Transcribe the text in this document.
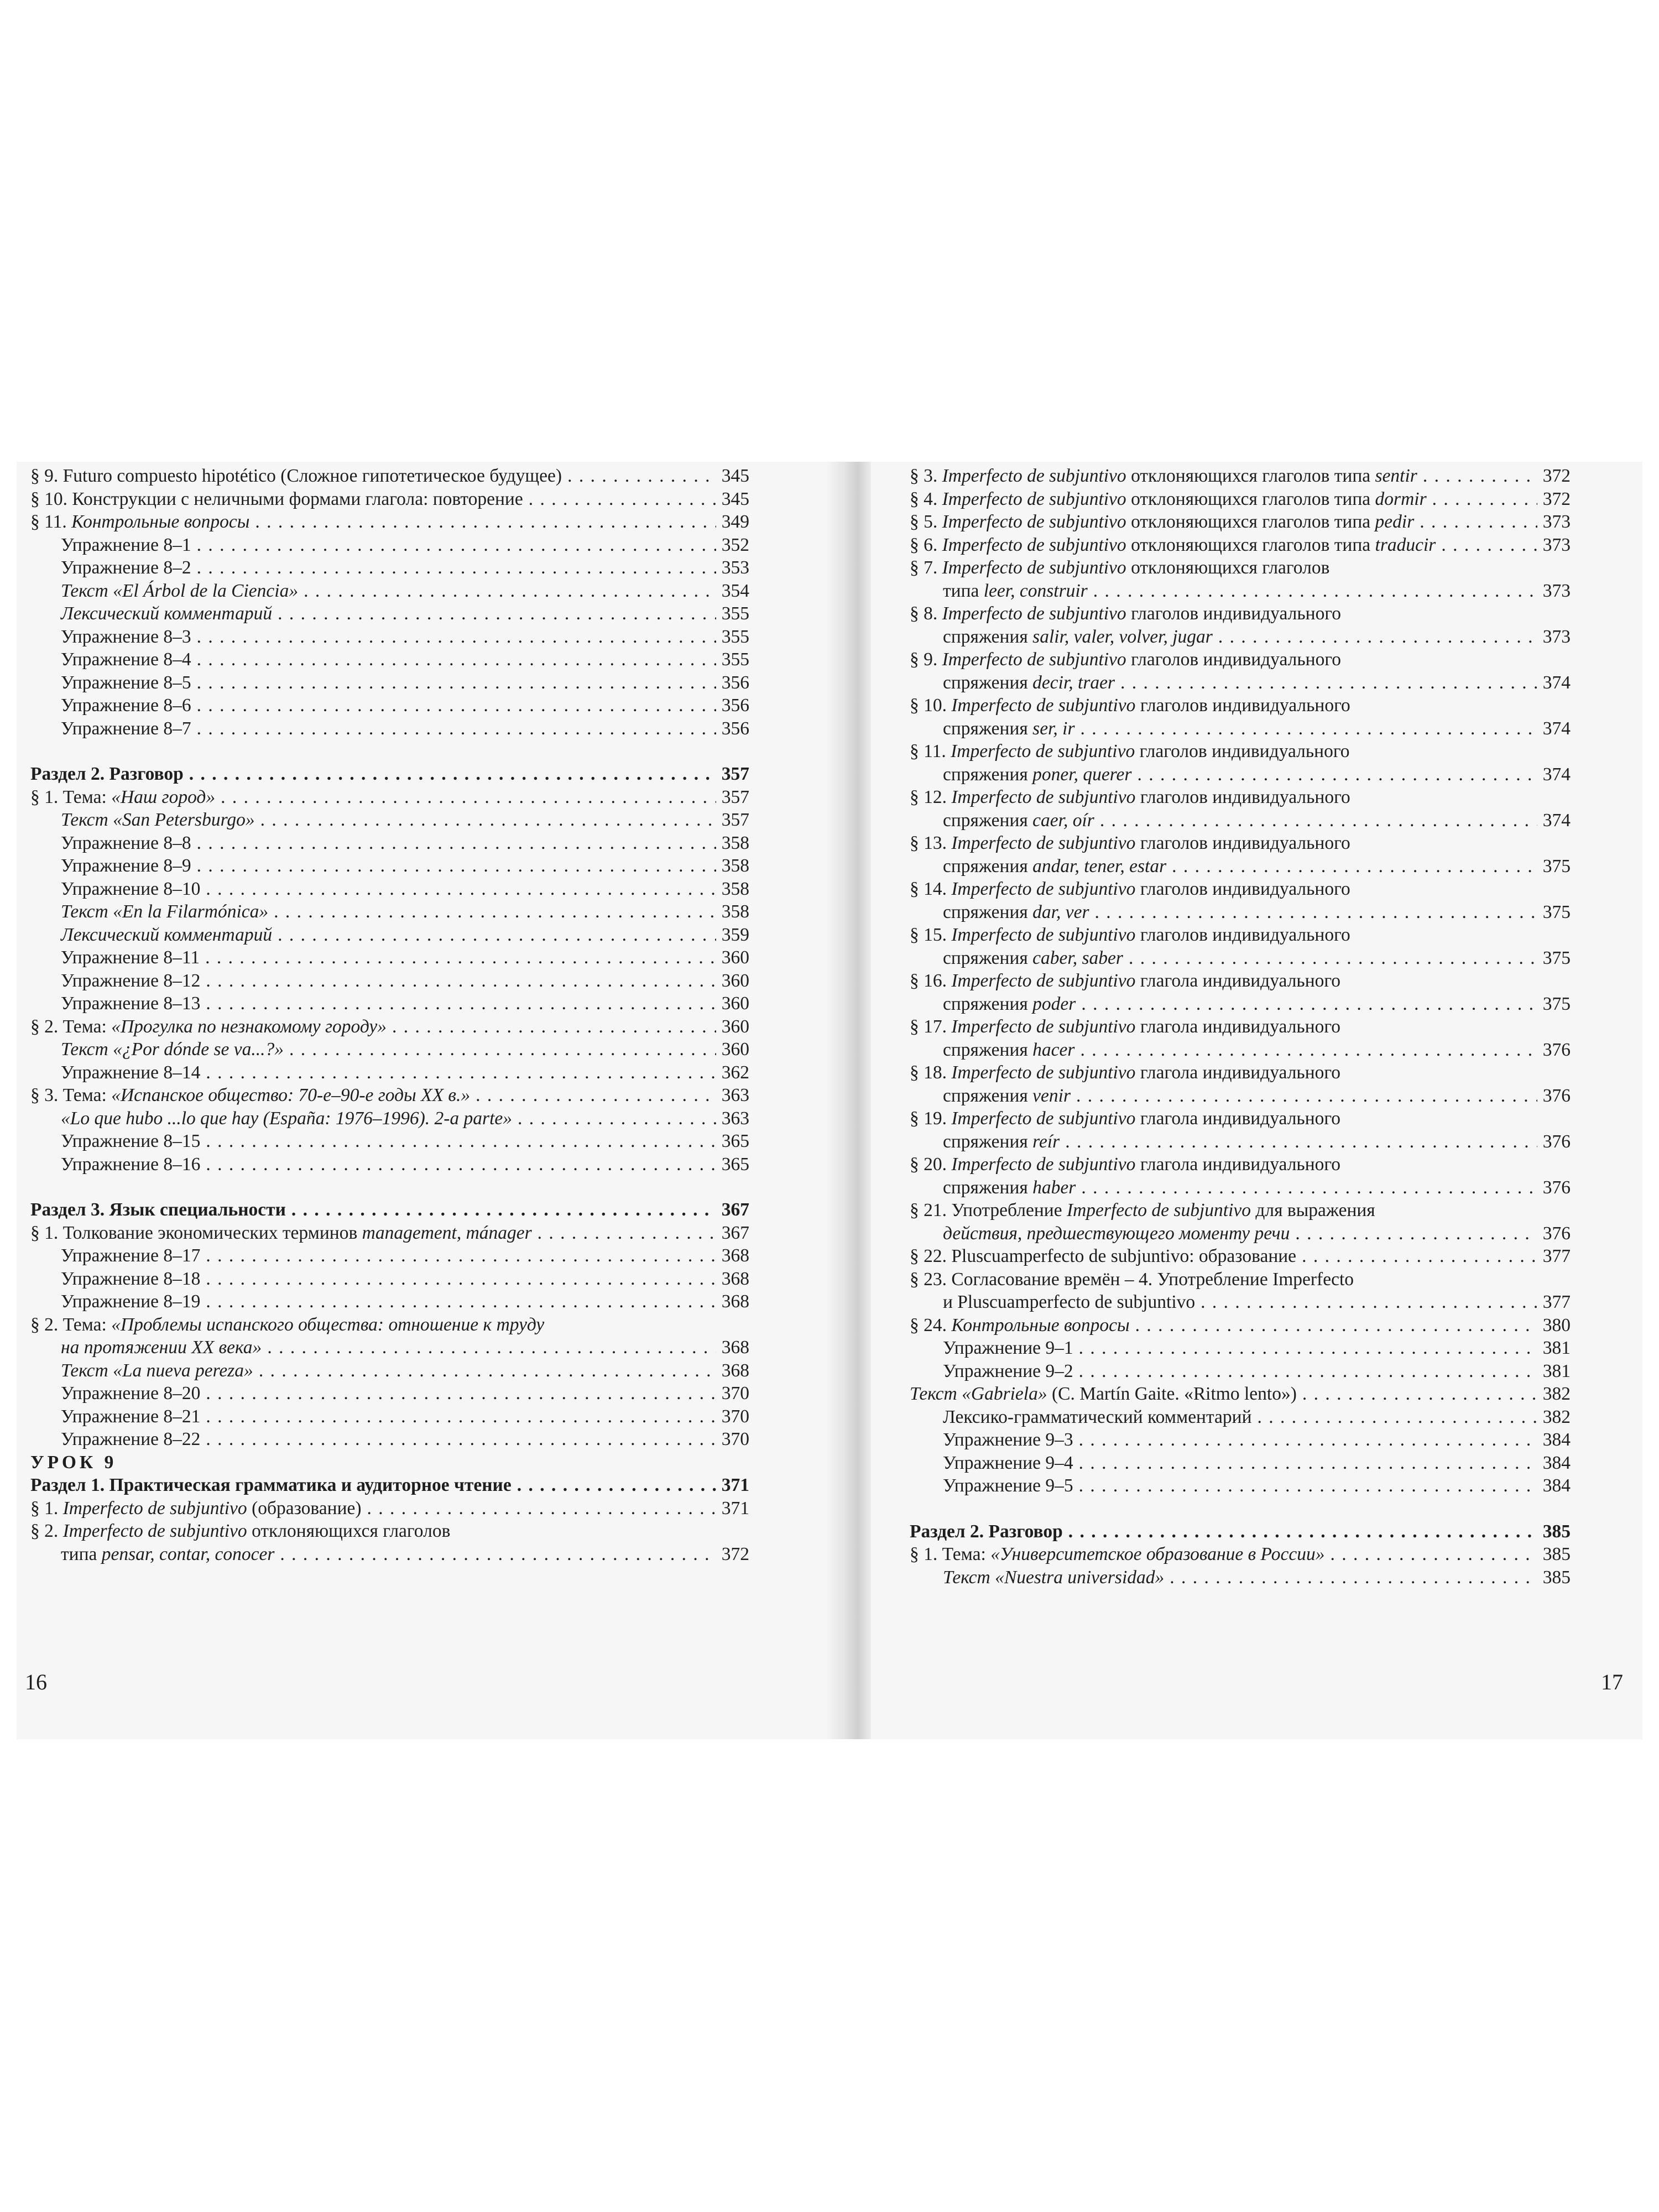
§ 9. Futuro compuesto hipotético (Сложное гипотетическое будущее) . . .	345
§ 10. Конструкции с неличными формами глагола: повторение . . .	345
§ 11. Контрольные вопросы . . .	349
Упражнение 8–1 . . .	352
Упражнение 8–2 . . .	353
Текст «El Árbol de la Ciencia» . . .	354
Лексический комментарий . . .	355
Упражнение 8–3 . . .	355
Упражнение 8–4 . . .	355
Упражнение 8–5 . . .	356
Упражнение 8–6 . . .	356
Упражнение 8–7 . . .	356
Раздел 2. Разговор . . .	357
§ 1. Тема: «Наш город» . . .	357
Текст «San Petersburgo» . . .	357
Упражнение 8–8 . . .	358
Упражнение 8–9 . . .	358
Упражнение 8–10 . . .	358
Текст «En la Filarmónica» . . .	358
Лексический комментарий . . .	359
Упражнение 8–11 . . .	360
Упражнение 8–12 . . .	360
Упражнение 8–13 . . .	360
§ 2. Тема: «Прогулка по незнакомому городу» . . .	360
Текст «¿Por dónde se va...?» . . .	360
Упражнение 8–14 . . .	362
§ 3. Тема: «Испанское общество: 70-е–90-е годы XX в.» . . .	363
«Lo que hubo ...lo que hay (España: 1976–1996). 2-a parte» . . .	363
Упражнение 8–15 . . .	365
Упражнение 8–16 . . .	365
Раздел 3. Язык специальности . . .	367
§ 1. Толкование экономических терминов management, mánager . . .	367
Упражнение 8–17 . . .	368
Упражнение 8–18 . . .	368
Упражнение 8–19 . . .	368
§ 2. Тема: «Проблемы испанского общества: отношение к труду
на протяжении XX века» . . .	368
Текст «La nueva pereza» . . .	368
Упражнение 8–20 . . .	370
Упражнение 8–21 . . .	370
Упражнение 8–22 . . .	370
УРОК 9
Раздел 1. Практическая грамматика и аудиторное чтение . . .	371
§ 1. Imperfecto de subjuntivo (образование) . . .	371
§ 2. Imperfecto de subjuntivo отклоняющихся глаголов
типа pensar, contar, conocer . . .	372
§ 3. Imperfecto de subjuntivo отклоняющихся глаголов типа sentir . . .	372
§ 4. Imperfecto de subjuntivo отклоняющихся глаголов типа dormir . . .	372
§ 5. Imperfecto de subjuntivo отклоняющихся глаголов типа pedir . . .	373
§ 6. Imperfecto de subjuntivo отклоняющихся глаголов типа traducir . . .	373
§ 7. Imperfecto de subjuntivo отклоняющихся глаголов
типа leer, construir . . .	373
§ 8. Imperfecto de subjuntivo глаголов индивидуального
спряжения salir, valer, volver, jugar . . .	373
§ 9. Imperfecto de subjuntivo глаголов индивидуального
спряжения decir, traer . . .	374
§ 10. Imperfecto de subjuntivo глаголов индивидуального
спряжения ser, ir . . .	374
§ 11. Imperfecto de subjuntivo глаголов индивидуального
спряжения poner, querer . . .	374
§ 12. Imperfecto de subjuntivo глаголов индивидуального
спряжения caer, oír . . .	374
§ 13. Imperfecto de subjuntivo глаголов индивидуального
спряжения andar, tener, estar . . .	375
§ 14. Imperfecto de subjuntivo глаголов индивидуального
спряжения dar, ver . . .	375
§ 15. Imperfecto de subjuntivo глаголов индивидуального
спряжения caber, saber . . .	375
§ 16. Imperfecto de subjuntivo глагола индивидуального
спряжения poder . . .	375
§ 17. Imperfecto de subjuntivo глагола индивидуального
спряжения hacer . . .	376
§ 18. Imperfecto de subjuntivo глагола индивидуального
спряжения venir . . .	376
§ 19. Imperfecto de subjuntivo глагола индивидуального
спряжения reír . . .	376
§ 20. Imperfecto de subjuntivo глагола индивидуального
спряжения haber . . .	376
§ 21. Употребление Imperfecto de subjuntivo для выражения
действия, предшествующего моменту речи . . .	376
§ 22. Pluscuamperfecto de subjuntivo: образование . . .	377
§ 23. Согласование времён – 4. Употребление Imperfecto
и Pluscuamperfecto de subjuntivo . . .	377
§ 24. Контрольные вопросы . . .	380
Упражнение 9–1 . . .	381
Упражнение 9–2 . . .	381
Текст «Gabriela» (C. Martín Gaite. «Ritmo lento») . . .	382
Лексико-грамматический комментарий . . .	382
Упражнение 9–3 . . .	384
Упражнение 9–4 . . .	384
Упражнение 9–5 . . .	384
Раздел 2. Разговор . . .	385
§ 1. Тема: «Университетское образование в России» . . .	385
Текст «Nuestra universidad» . . .	385
16	17
